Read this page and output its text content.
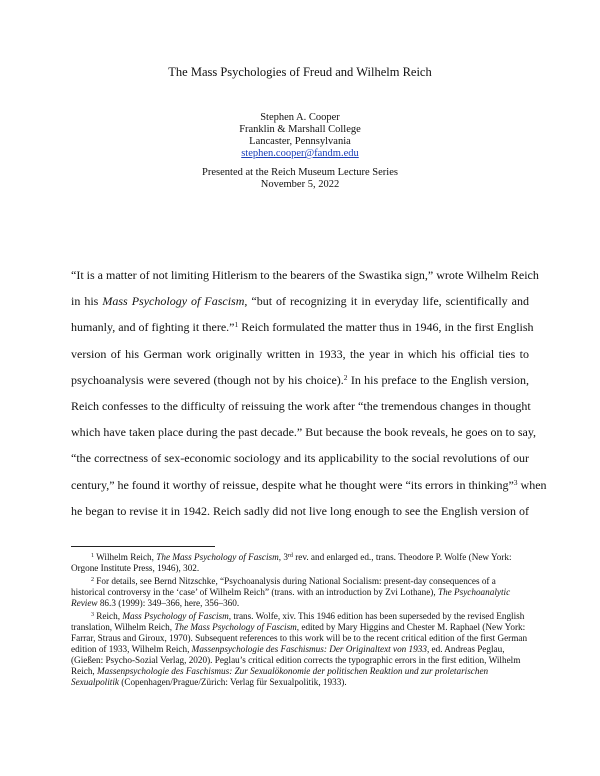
The Mass Psychologies of Freud and Wilhelm Reich
Stephen A. Cooper
Franklin & Marshall College
Lancaster, Pennsylvania
stephen.cooper@fandm.edu
Presented at the Reich Museum Lecture Series
November 5, 2022
“It is a matter of not limiting Hitlerism to the bearers of the Swastika sign,” wrote Wilhelm Reich
in his Mass Psychology of Fascism, “but of recognizing it in everyday life, scientifically and
humanly, and of fighting it there.”$^1$ Reich formulated the matter thus in 1946, in the first English
version of his German work originally written in 1933, the year in which his official ties to
psychoanalysis were severed (though not by his choice).$^2$ In his preface to the English version,
Reich confesses to the difficulty of reissuing the work after “the tremendous changes in thought
which have taken place during the past decade.” But because the book reveals, he goes on to say,
“the correctness of sex-economic sociology and its applicability to the social revolutions of our
century,” he found it worthy of reissue, despite what he thought were “its errors in thinking”$^3$ when
he began to revise it in 1942. Reich sadly did not live long enough to see the English version of
$^1$ Wilhelm Reich, The Mass Psychology of Fascism, 3rd rev. and enlarged ed., trans. Theodore P. Wolfe (New York: Orgone Institute Press, 1946), 302.
$^2$ For details, see Bernd Nitzschke, “Psychoanalysis during National Socialism: present-day consequences of a historical controversy in the ‘case’ of Wilhelm Reich” (trans. with an introduction by Zvi Lothane), The Psychoanalytic Review 86.3 (1999): 349–366, here, 356–360.
$^3$ Reich, Mass Psychology of Fascism, trans. Wolfe, xiv. This 1946 edition has been superseded by the revised English translation, Wilhelm Reich, The Mass Psychology of Fascism, edited by Mary Higgins and Chester M. Raphael (New York: Farrar, Straus and Giroux, 1970). Subsequent references to this work will be to the recent critical edition of the first German edition of 1933, Wilhelm Reich, Massenpsychologie des Faschismus: Der Originaltext von 1933, ed. Andreas Peglau, (Gießen: Psycho-Sozial Verlag, 2020). Peglau’s critical edition corrects the typographic errors in the first edition, Wilhelm Reich, Massenpsychologie des Faschismus: Zur Sexualökonomie der politischen Reaktion und zur proletarischen Sexualpolitik (Copenhagen/Prague/Zürich: Verlag für Sexualpolitik, 1933).
